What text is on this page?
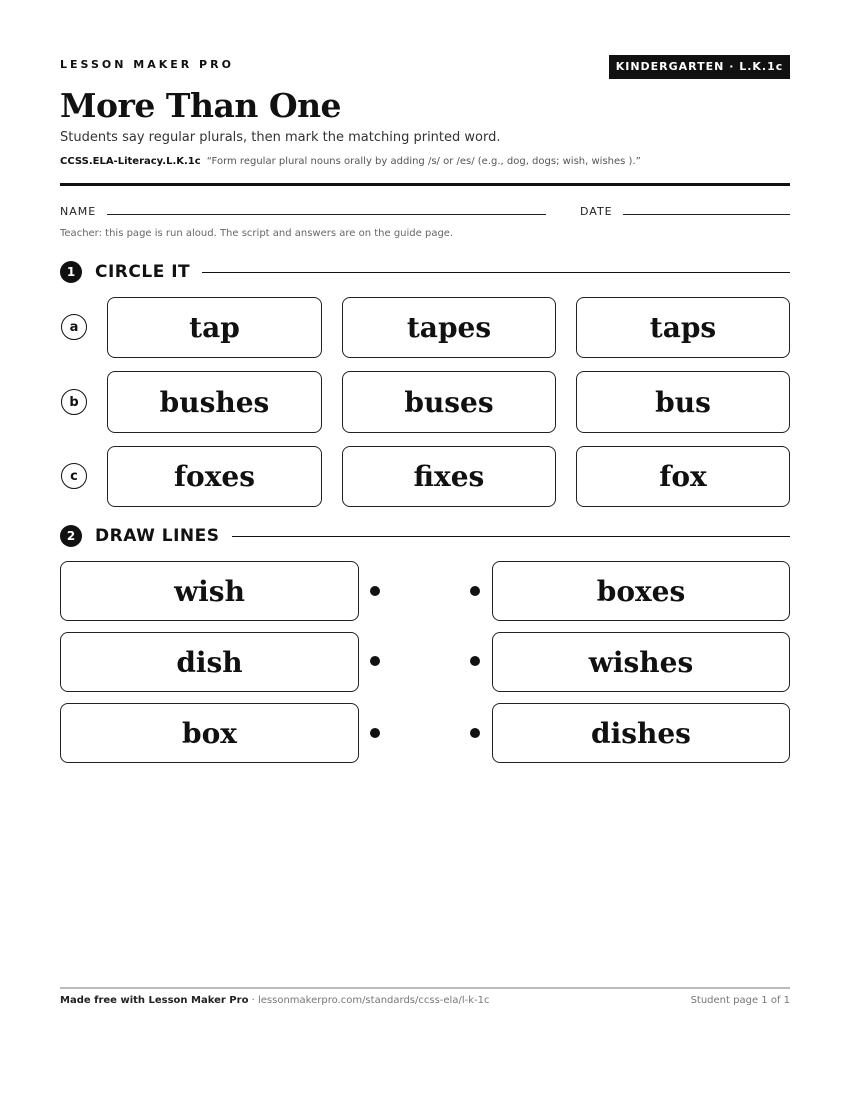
LESSON MAKER PRO	KINDERGARTEN · L.K.1c
More Than One
Students say regular plurals, then mark the matching printed word.
CCSS.ELA-Literacy.L.K.1c “Form regular plural nouns orally by adding /s/ or /es/ (e.g., dog, dogs; wish, wishes ).”
NAME	DATE
Teacher: this page is run aloud. The script and answers are on the guide page.
1	CIRCLE IT
a	tap	tapes	taps
b	bushes	buses	bus
c	foxes	fixes	fox
2	DRAW LINES
wish	boxes
dish	wishes
box	dishes
Made free with Lesson Maker Pro · lessonmakerpro.com/standards/ccss-ela/l-k-1c	Student page 1 of 1
